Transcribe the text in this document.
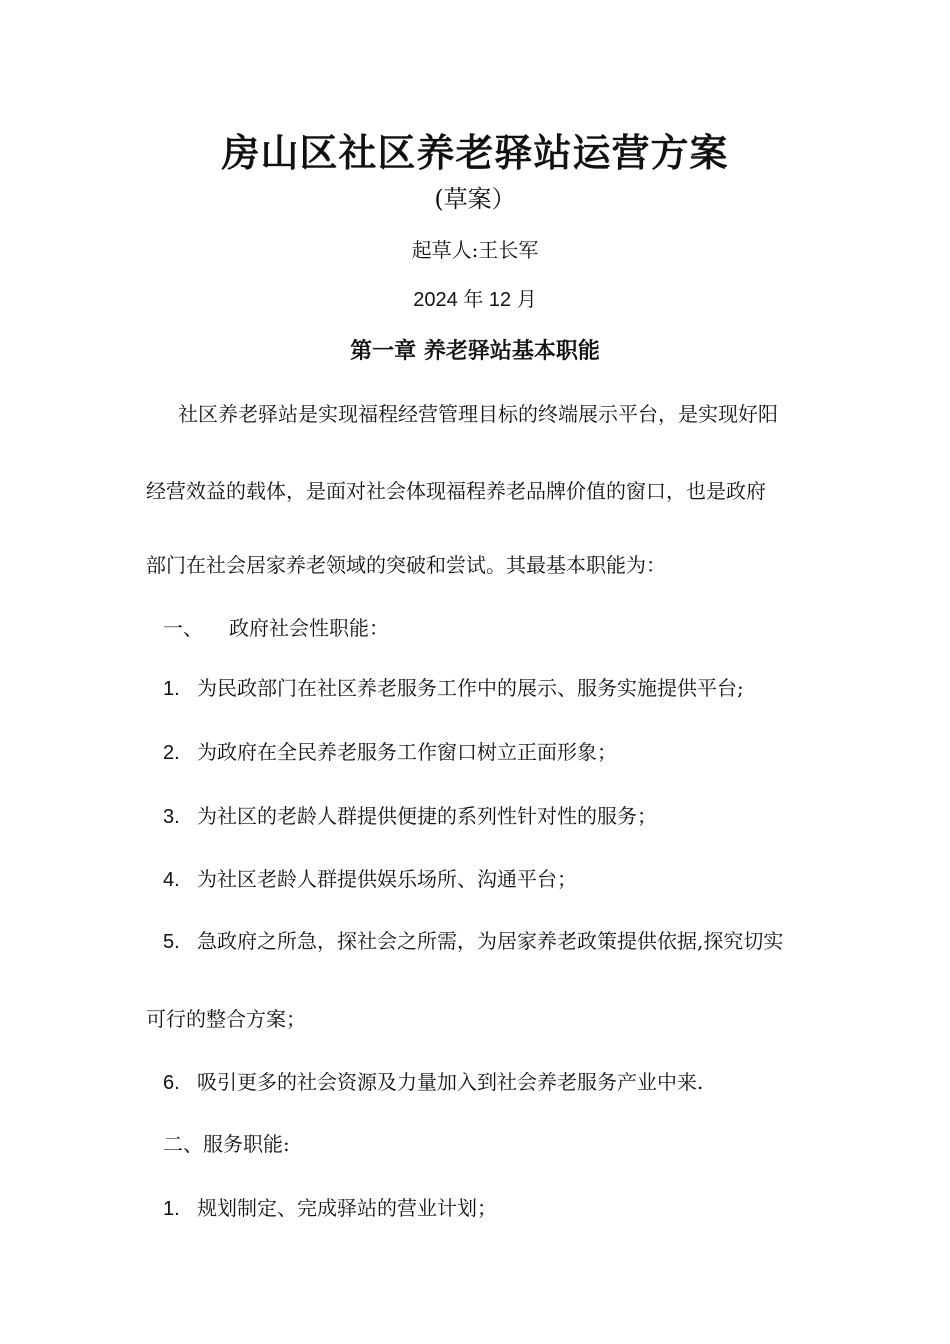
房山区社区养老驿站运营方案
(草案）
起草人:王长军
2024 年 12 月
第一章 养老驿站基本职能
社区养老驿站是实现福程经营管理目标的终端展示平台，是实现好阳
经营效益的载体，是面对社会体现福程养老品牌价值的窗口，也是政府
部门在社会居家养老领域的突破和尝试。其最基本职能为：
一、 政府社会性职能：
1. 为民政部门在社区养老服务工作中的展示、服务实施提供平台;
2. 为政府在全民养老服务工作窗口树立正面形象；
3. 为社区的老龄人群提供便捷的系列性针对性的服务；
4. 为社区老龄人群提供娱乐场所、沟通平台；
5. 急政府之所急，探社会之所需，为居家养老政策提供依据,探究切实
可行的整合方案；
6. 吸引更多的社会资源及力量加入到社会养老服务产业中来.
二、服务职能:
1. 规划制定、完成驿站的营业计划；
